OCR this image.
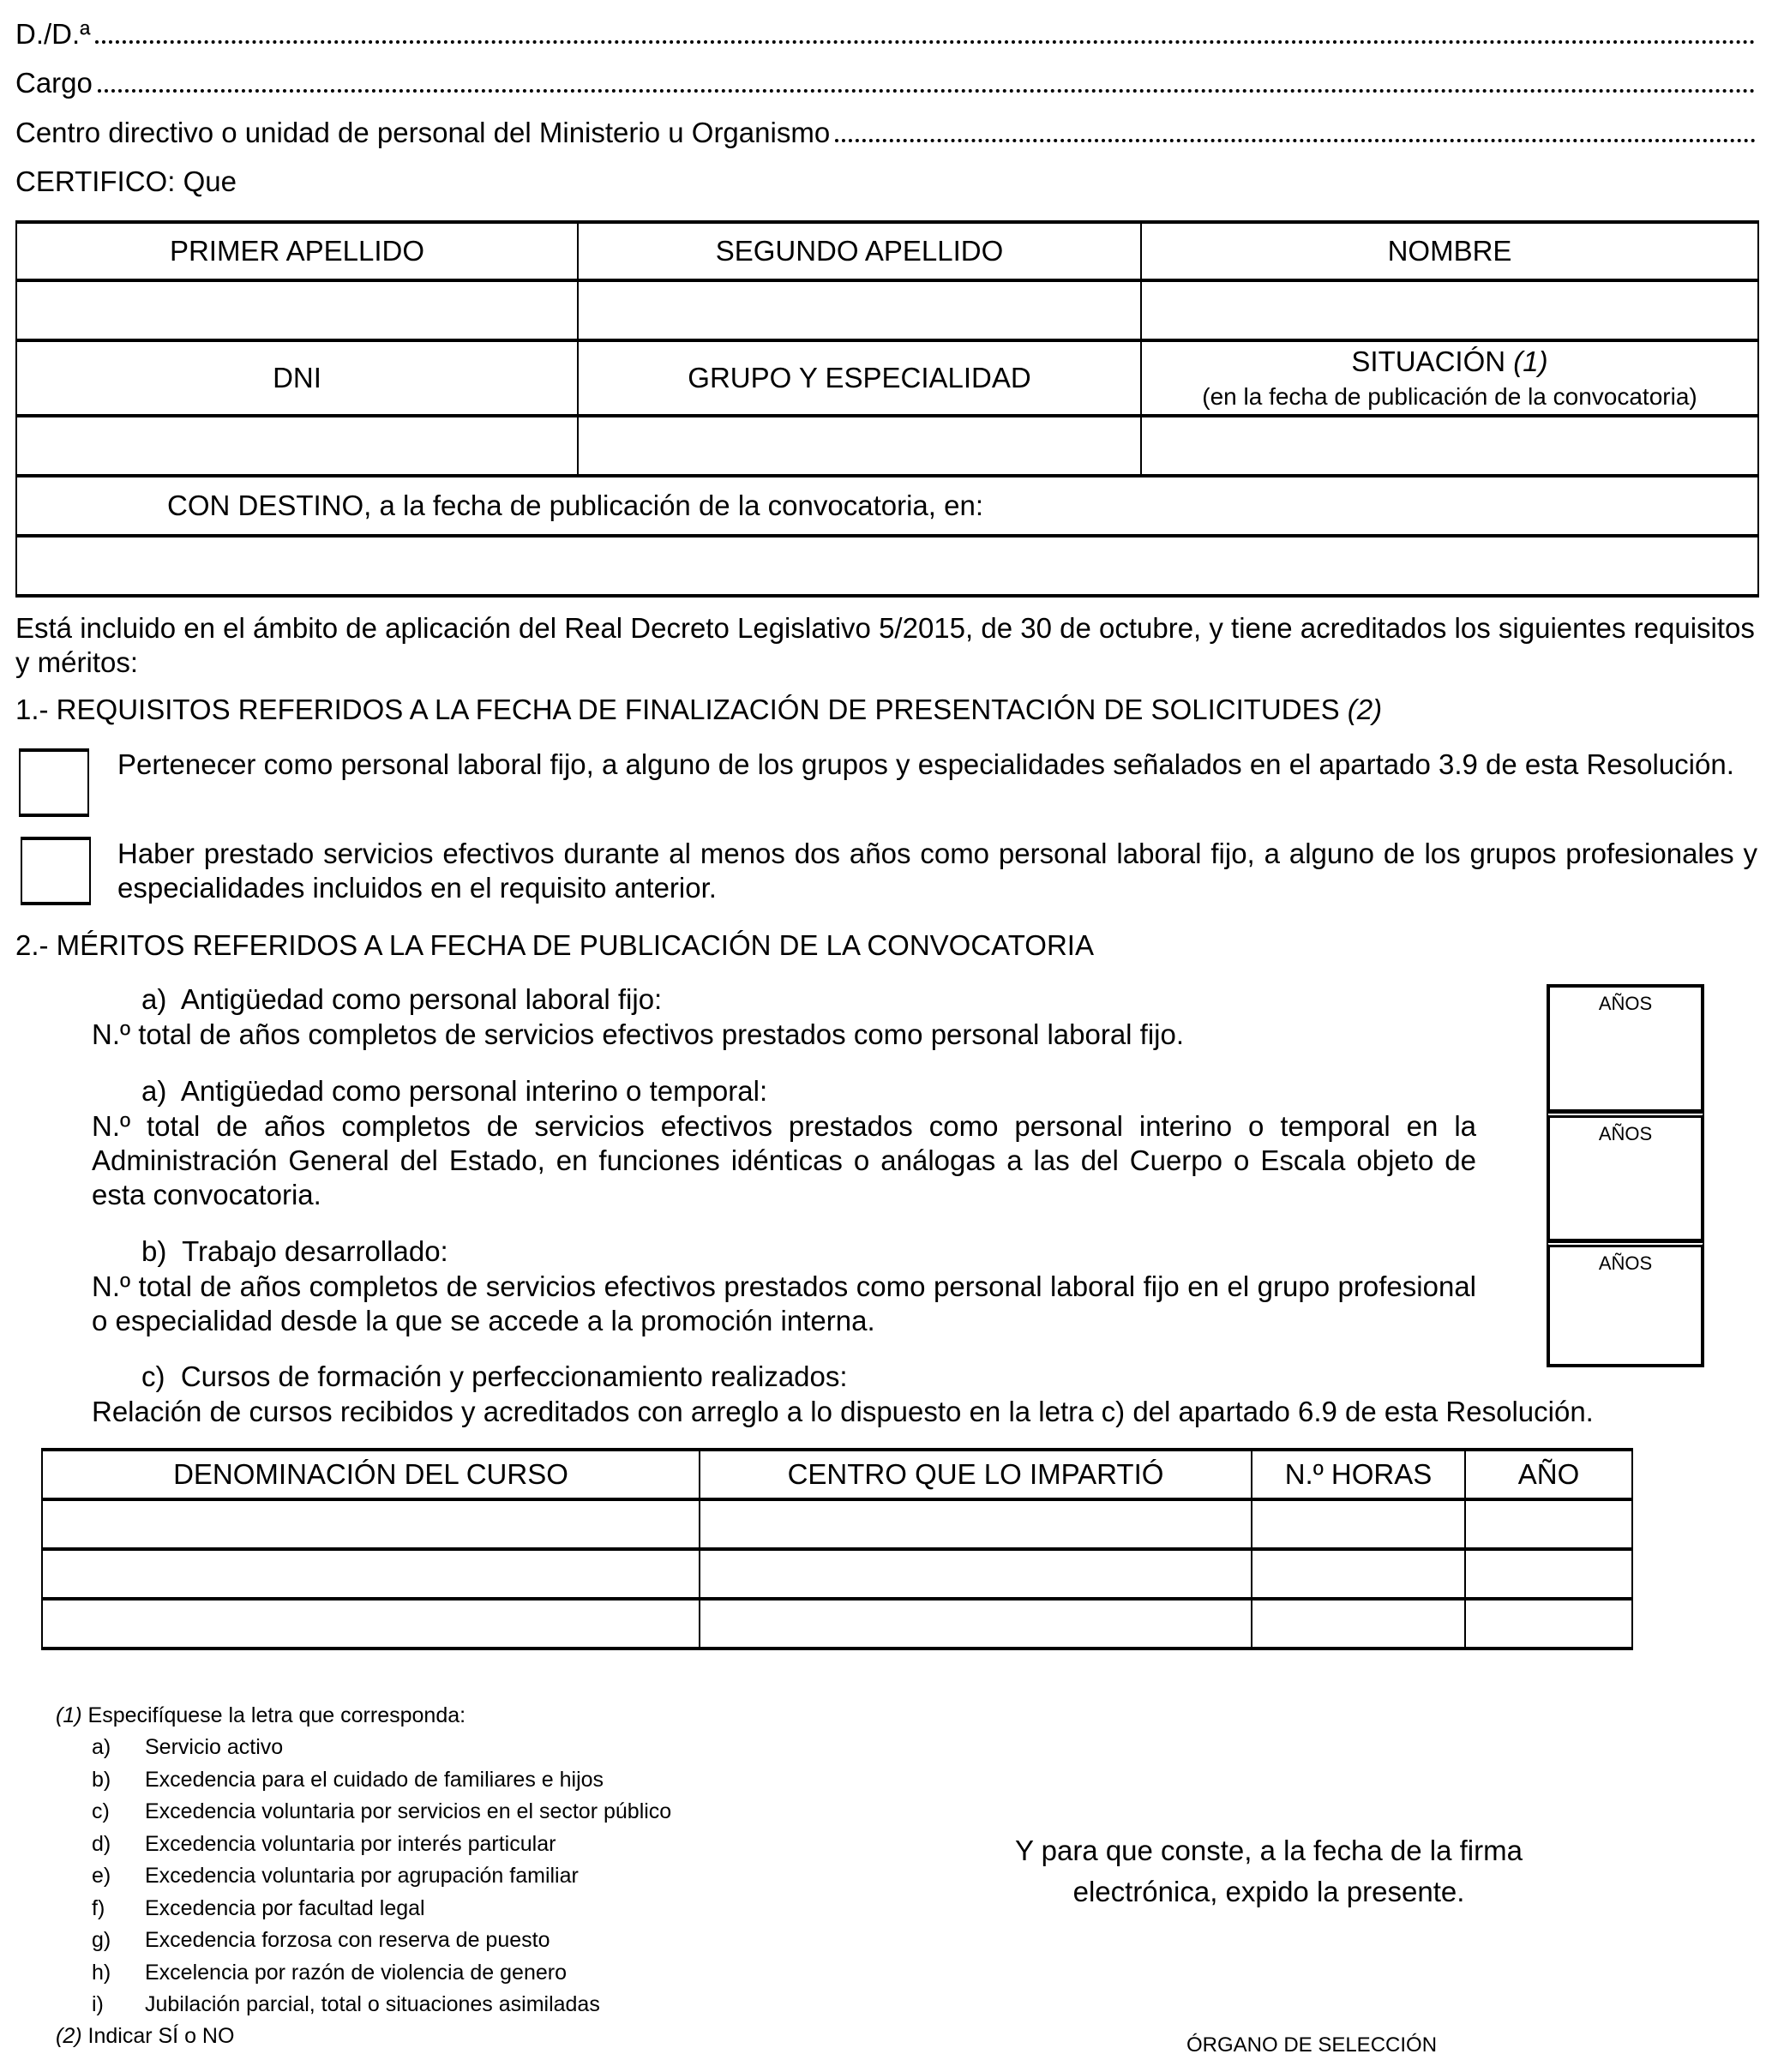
D./D.ª
Cargo
Centro directivo o unidad de personal del Ministerio u Organismo
CERTIFICO: Que
PRIMER APELLIDO	SEGUNDO APELLIDO	NOMBRE

DNI	GRUPO Y ESPECIALIDAD	SITUACIÓN (1)
(en la fecha de publicación de la convocatoria)

CON DESTINO, a la fecha de publicación de la convocatoria, en:		

Está incluido en el ámbito de aplicación del Real Decreto Legislativo 5/2015, de 30 de octubre, y tiene acreditados los siguientes requisitos y méritos:
1.- REQUISITOS REFERIDOS A LA FECHA DE FINALIZACIÓN DE PRESENTACIÓN DE SOLICITUDES (2)
Pertenecer como personal laboral fijo, a alguno de los grupos y especialidades señalados en el apartado 3.9 de esta Resolución.
Haber prestado servicios efectivos durante al menos dos años como personal laboral fijo, a alguno de los grupos profesionales y especialidades incluidos en el requisito anterior.
2.- MÉRITOS REFERIDOS A LA FECHA DE PUBLICACIÓN DE LA CONVOCATORIA
a) Antigüedad como personal laboral fijo:
N.º total de años completos de servicios efectivos prestados como personal laboral fijo.
a) Antigüedad como personal interino o temporal:
N.º total de años completos de servicios efectivos prestados como personal interino o temporal en la Administración General del Estado, en funciones idénticas o análogas a las del Cuerpo o Escala objeto de esta convocatoria.
b) Trabajo desarrollado:
N.º total de años completos de servicios efectivos prestados como personal laboral fijo en el grupo profesional o especialidad desde la que se accede a la promoción interna.
c) Cursos de formación y perfeccionamiento realizados:
Relación de cursos recibidos y acreditados con arreglo a lo dispuesto en la letra c) del apartado 6.9 de esta Resolución.
AÑOS
AÑOS
AÑOS
DENOMINACIÓN DEL CURSO	CENTRO QUE LO IMPARTIÓ	N.º HORAS	AÑO

(1) Especifíquese la letra que corresponda:
a) Servicio activo
b) Excedencia para el cuidado de familiares e hijos
c) Excedencia voluntaria por servicios en el sector público
d) Excedencia voluntaria por interés particular
e) Excedencia voluntaria por agrupación familiar
f) Excedencia por facultad legal
g) Excedencia forzosa con reserva de puesto
h) Excelencia por razón de violencia de genero
i) Jubilación parcial, total o situaciones asimiladas
(2) Indicar SÍ o NO
Y para que conste, a la fecha de la firma
electrónica, expido la presente.
ÓRGANO DE SELECCIÓN
